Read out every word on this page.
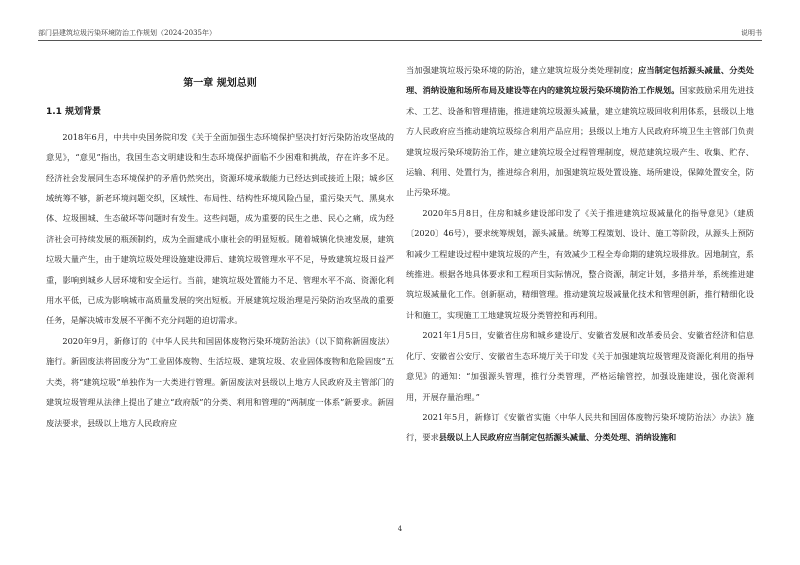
部门县建筑垃圾污染环境防治工作规划（2024-2035年）	说明书
第一章 规划总则
1.1 规划背景

2018年6月，中共中央国务院印发《关于全面加强生态环境保护坚决打好污染防治攻坚战的意见》，“意见”指出，我国生态文明建设和生态环境保护面临不少困难和挑战，存在许多不足。经济社会发展同生态环境保护的矛盾仍然突出，资源环境承载能力已经达到或接近上限；城乡区域统筹不够，新老环境问题交织，区域性、布局性、结构性环境风险凸显，重污染天气、黑臭水体、垃圾围城、生态破坏等问题时有发生。这些问题，成为重要的民生之患、民心之痛，成为经济社会可持续发展的瓶颈制约，成为全面建成小康社会的明显短板。随着城镇化快速发展，建筑垃圾大量产生，由于建筑垃圾处理设施建设滞后、建筑垃圾管理水平不足，导致建筑垃圾日益严重，影响到城乡人居环境和安全运行。当前，建筑垃圾处置能力不足、管理水平不高、资源化利用水平低，已成为影响城市高质量发展的突出短板。开展建筑垃圾治理是污染防治攻坚战的重要任务，是解决城市发展不平衡不充分问题的迫切需求。

2020年9月，新修订的《中华人民共和国固体废物污染环境防治法》（以下简称新固废法）施行。新固废法将固废分为“工业固体废物、生活垃圾、建筑垃圾、农业固体废物和危险固废”五大类，将“建筑垃圾”单独作为一大类进行管理。新固废法对县级以上地方人民政府及主管部门的建筑垃圾管理从法律上提出了建立“政府版”的分类、利用和管理的“两制度一体系”新要求。新固废法要求，县级以上地方人民政府应

当加强建筑垃圾污染环境的防治，建立建筑垃圾分类处理制度；应当制定包括源头减量、分类处理、消纳设施和场所布局及建设等在内的建筑垃圾污染环境防治工作规划。国家鼓励采用先进技术、工艺、设备和管理措施，推进建筑垃圾源头减量，建立建筑垃圾回收利用体系，县级以上地方人民政府应当推动建筑垃圾综合利用产品应用；县级以上地方人民政府环境卫生主管部门负责建筑垃圾污染环境防治工作，建立建筑垃圾全过程管理制度，规范建筑垃圾产生、收集、贮存、运输、利用、处置行为，推进综合利用，加强建筑垃圾处置设施、场所建设，保障处置安全，防止污染环境。

2020年5月8日，住房和城乡建设部印发了《关于推进建筑垃圾减量化的指导意见》（建质〔2020〕46号），要求统筹规划，源头减量。统筹工程策划、设计、施工等阶段，从源头上预防和减少工程建设过程中建筑垃圾的产生，有效减少工程全寿命期的建筑垃圾排放。因地制宜，系统推进。根据各地具体要求和工程项目实际情况，整合资源，制定计划，多措并举，系统推进建筑垃圾减量化工作。创新驱动，精细管理。推动建筑垃圾减量化技术和管理创新，推行精细化设计和施工，实现施工工地建筑垃圾分类管控和再利用。

2021年1月5日，安徽省住房和城乡建设厅、安徽省发展和改革委员会、安徽省经济和信息化厅、安徽省公安厅、安徽省生态环境厅关于印发《关于加强建筑垃圾管理及资源化利用的指导意见》的通知：“加强源头管理，推行分类管理，严格运输管控，加强设施建设，强化资源利用，开展存量治理。”

2021年5月，新修订《安徽省实施〈中华人民共和国固体废物污染环境防治法〉办法》施行，要求县级以上人民政府应当制定包括源头减量、分类处理、消纳设施和

4
